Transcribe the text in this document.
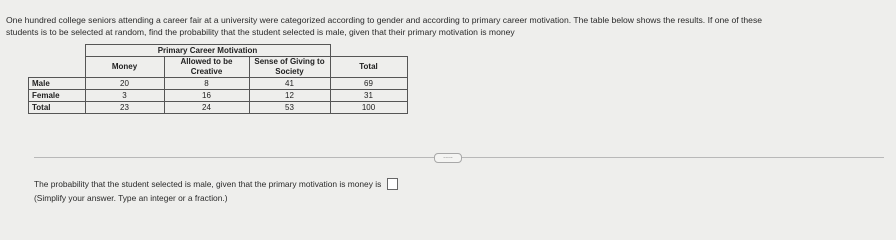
One hundred college seniors attending a career fair at a university were categorized according to gender and according to primary career motivation. The table below shows the results. If one of these

students is to be selected at random, find the probability that the student selected is male, given that their primary motivation is money

	Primary Career Motivation			
	Money	Allowed to be Creative	Sense of Giving to Society	Total
Male	20	8	41	69
Female	3	16	12	31
Total	23	24	53	100
.....
The probability that the student selected is male, given that the primary motivation is money is
(Simplify your answer. Type an integer or a fraction.)
